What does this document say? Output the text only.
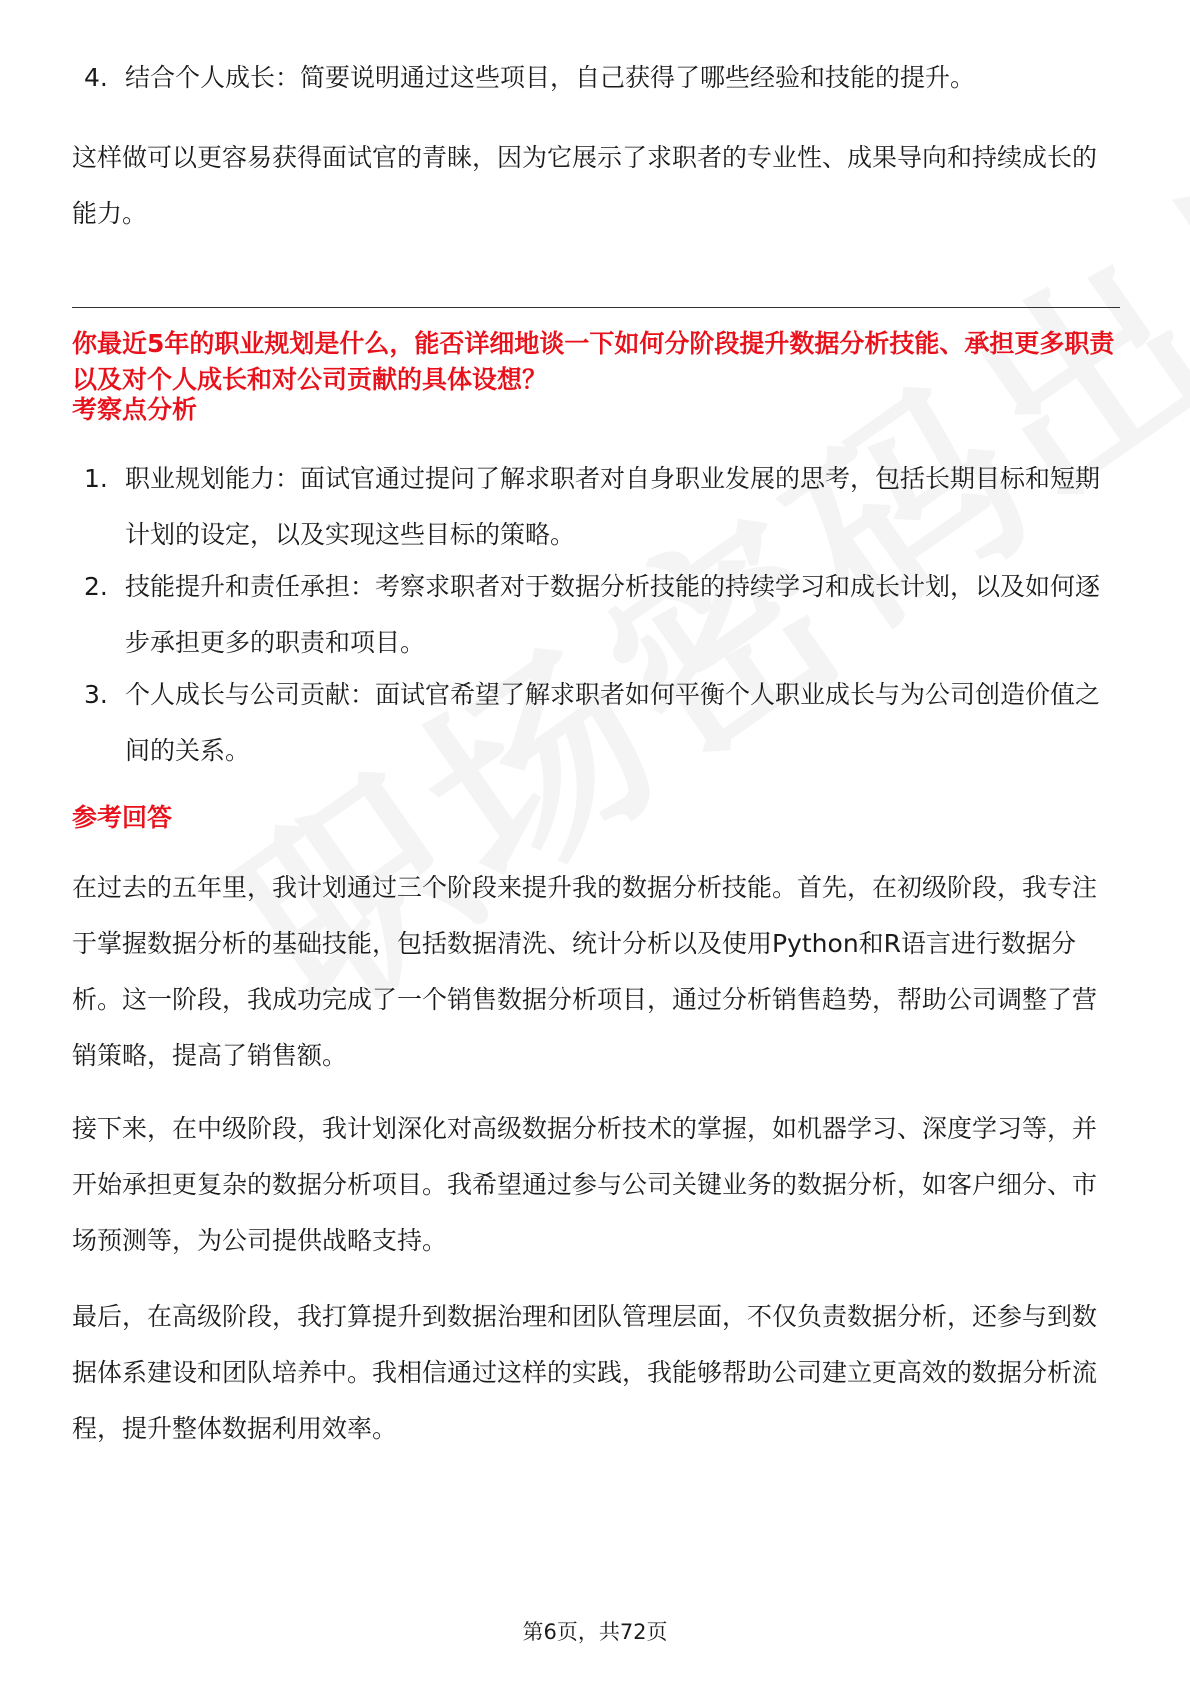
4. 结合个人成长：简要说明通过这些项目，自己获得了哪些经验和技能的提升。
这样做可以更容易获得面试官的青睐，因为它展示了求职者的专业性、成果导向和持续成长的能力。
你最近5年的职业规划是什么，能否详细地谈一下如何分阶段提升数据分析技能、承担更多职责以及对个人成长和对公司贡献的具体设想？
考察点分析
1. 职业规划能力：面试官通过提问了解求职者对自身职业发展的思考，包括长期目标和短期计划的设定，以及实现这些目标的策略。
2. 技能提升和责任承担：考察求职者对于数据分析技能的持续学习和成长计划，以及如何逐步承担更多的职责和项目。
3. 个人成长与公司贡献：面试官希望了解求职者如何平衡个人职业成长与为公司创造价值之间的关系。
参考回答
在过去的五年里，我计划通过三个阶段来提升我的数据分析技能。首先，在初级阶段，我专注于掌握数据分析的基础技能，包括数据清洗、统计分析以及使用Python和R语言进行数据分析。这一阶段，我成功完成了一个销售数据分析项目，通过分析销售趋势，帮助公司调整了营销策略，提高了销售额。
接下来，在中级阶段，我计划深化对高级数据分析技术的掌握，如机器学习、深度学习等，并开始承担更复杂的数据分析项目。我希望通过参与公司关键业务的数据分析，如客户细分、市场预测等，为公司提供战略支持。
最后，在高级阶段，我打算提升到数据治理和团队管理层面，不仅负责数据分析，还参与到数据体系建设和团队培养中。我相信通过这样的实践，我能够帮助公司建立更高效的数据分析流程，提升整体数据利用效率。
第6页，共72页
